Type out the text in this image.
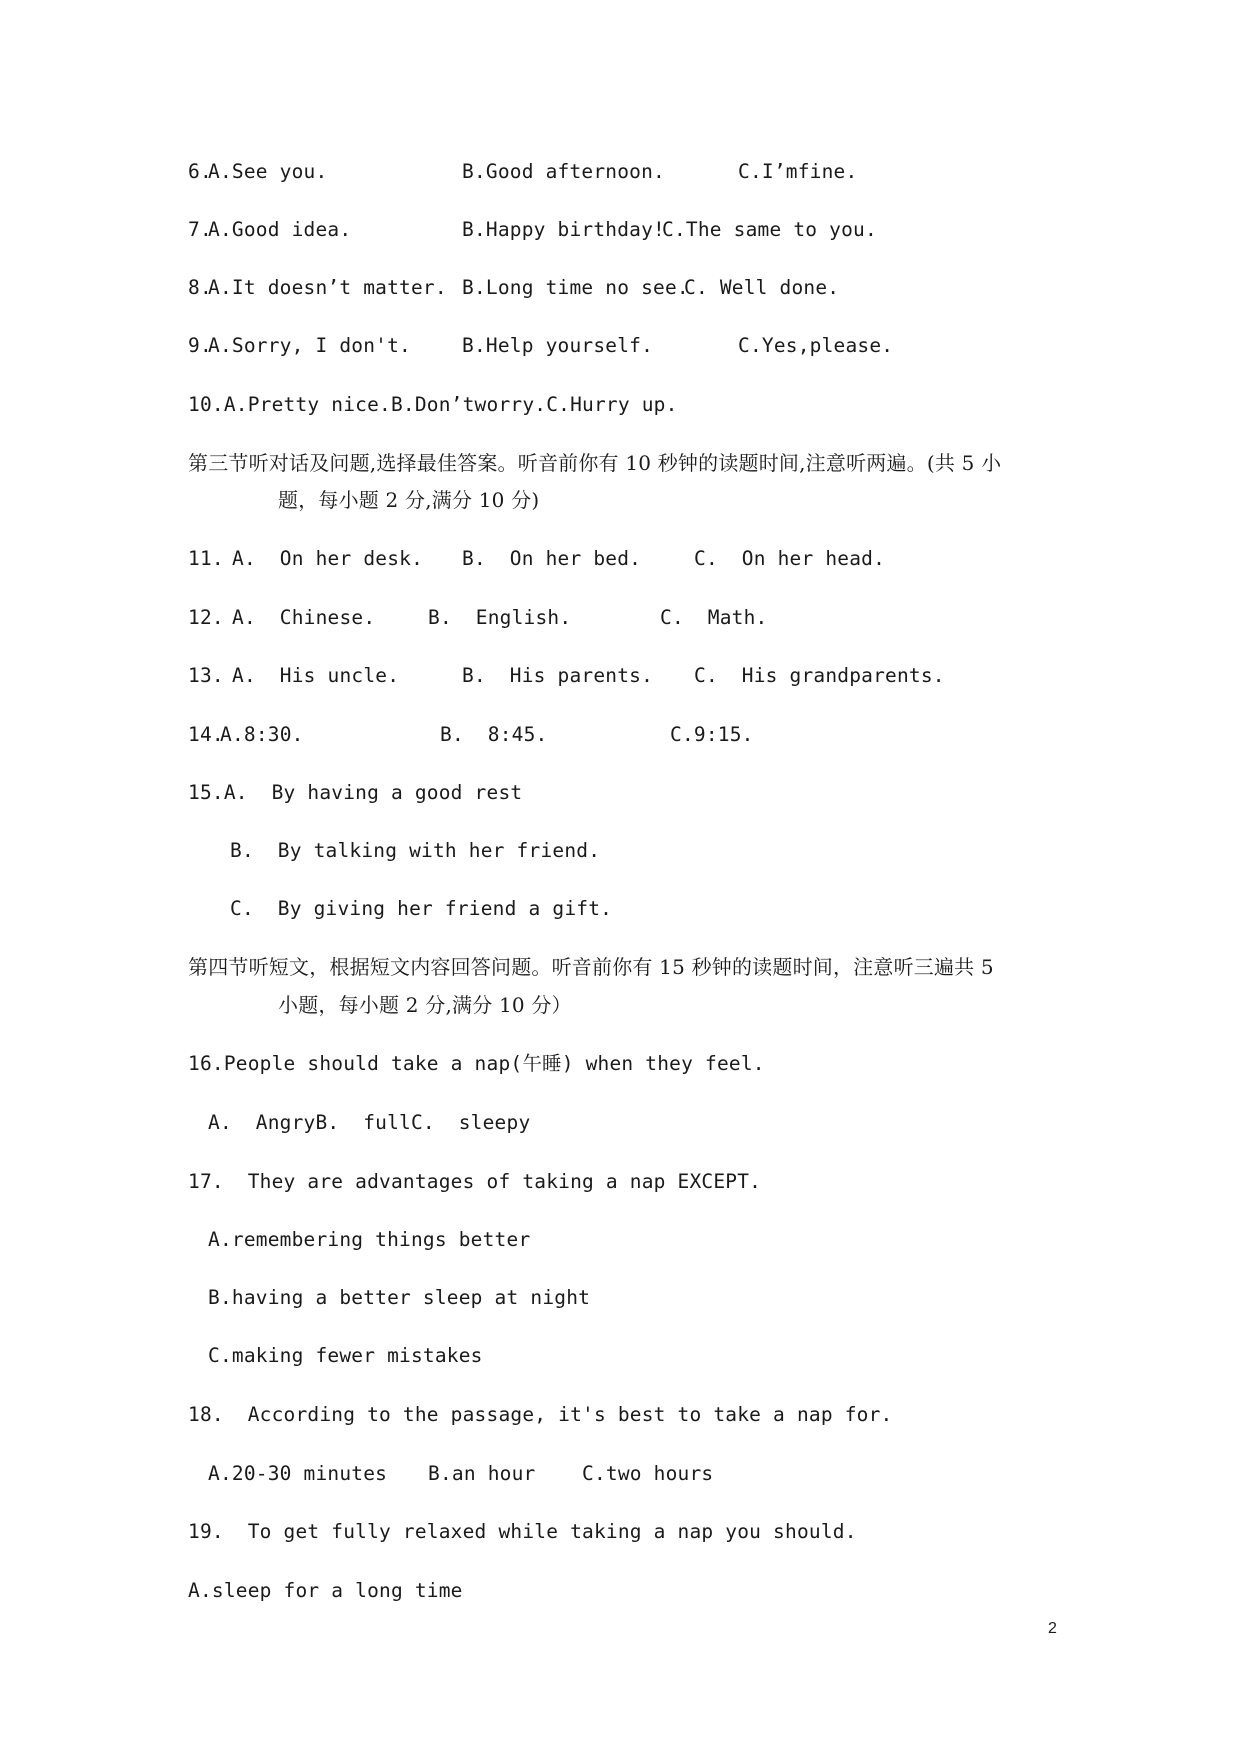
6.
A.See you.	B.Good afternoon.	C.I’mfine.
7.
A.Good idea.	B.Happy birthday!
C.The same to you.
8.
A.It doesn’t matter. B.Long time no see.
C. Well done.
9.
A.Sorry, I don't.	B.Help yourself.	C.Yes,please.
10.A.Pretty nice.B.Don’tworry.C.Hurry up.
第三节听对话及问题,选择最佳答案。听音前你有 10 秒钟的读题时间,注意听两遍。(共 5 小
题，每小题 2 分,满分 10 分)
11. A.  On her desk. B.  On her bed.	C.  On her head.
12. A.  Chinese.	B.  English.	C.  Math.
13. A.  His uncle.	B.  His parents. C.  His grandparents.
14.
A.8:30.	B.  8:45.	C.9:15.
15.A.  By having a good rest
B.  By talking with her friend.
C.  By giving her friend a gift.
第四节听短文，根据短文内容回答问题。听音前你有 15 秒钟的读题时间，注意听三遍共 5
小题，每小题 2 分,满分 10 分）
16.People should take a nap(午睡) when they feel.
A.  AngryB.  fullC.  sleepy
17.  They are advantages of taking a nap EXCEPT.
A.remembering things better
B.having a better sleep at night
C.making fewer mistakes
18.  According to the passage, it's best to take a nap for.
A.20-30 minutes B.an hour C.two hours
19.  To get fully relaxed while taking a nap you should.
A.sleep for a long time
2
